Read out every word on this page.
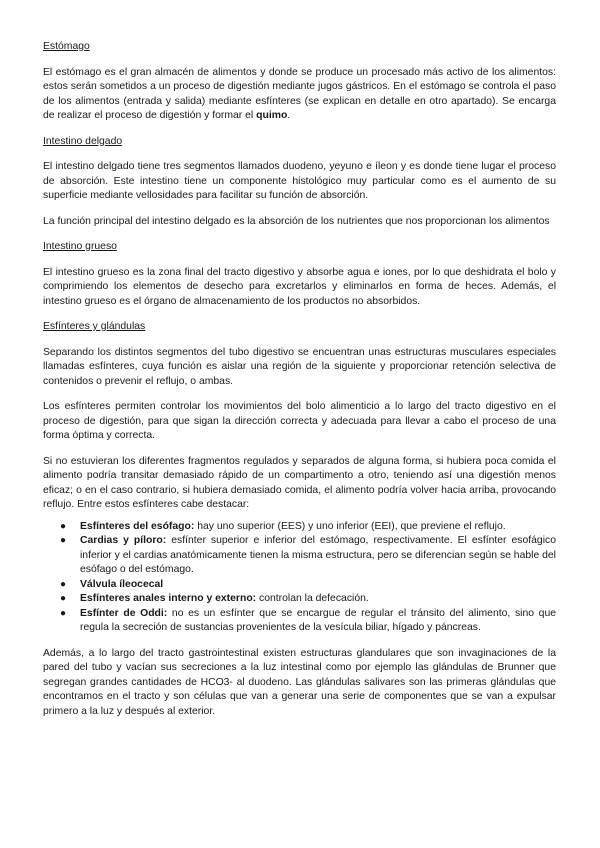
Estómago

El estómago es el gran almacén de alimentos y donde se produce un procesado más activo de los alimentos: estos serán sometidos a un proceso de digestión mediante jugos gástricos. En el estómago se controla el paso de los alimentos (entrada y salida) mediante esfínteres (se explican en detalle en otro apartado). Se encarga de realizar el proceso de digestión y formar el quimo.

Intestino delgado

El intestino delgado tiene tres segmentos llamados duodeno, yeyuno e íleon y es donde tiene lugar el proceso de absorción. Este intestino tiene un componente histológico muy particular como es el aumento de su superficie mediante vellosidades para facilitar su función de absorción.

La función principal del intestino delgado es la absorción de los nutrientes que nos proporcionan los alimentos

Intestino grueso

El intestino grueso es la zona final del tracto digestivo y absorbe agua e iones, por lo que deshidrata el bolo y comprimiendo los elementos de desecho para excretarlos y eliminarlos en forma de heces. Además, el intestino grueso es el órgano de almacenamiento de los productos no absorbidos.

Esfínteres y glándulas

Separando los distintos segmentos del tubo digestivo se encuentran unas estructuras musculares especiales llamadas esfínteres, cuya función es aislar una región de la siguiente y proporcionar retención selectiva de contenidos o prevenir el reflujo, o ambas.

Los esfínteres permiten controlar los movimientos del bolo alimenticio a lo largo del tracto digestivo en el proceso de digestión, para que sigan la dirección correcta y adecuada para llevar a cabo el proceso de una forma óptima y correcta.

Si no estuvieran los diferentes fragmentos regulados y separados de alguna forma, si hubiera poca comida el alimento podría transitar demasiado rápido de un compartimento a otro, teniendo así una digestión menos eficaz; o en el caso contrario, si hubiera demasiado comida, el alimento podría volver hacia arriba, provocando reflujo. Entre estos esfínteres cabe destacar:

● Esfínteres del esófago: hay uno superior (EES) y uno inferior (EEI), que previene el reflujo.
● Cardias y píloro: esfínter superior e inferior del estómago, respectivamente. El esfínter esofágico inferior y el cardias anatómicamente tienen la misma estructura, pero se diferencian según se hable del esófago o del estómago.
● Válvula íleocecal
● Esfínteres anales interno y externo: controlan la defecación.
● Esfínter de Oddi: no es un esfínter que se encargue de regular el tránsito del alimento, sino que regula la secreción de sustancias provenientes de la vesícula biliar, hígado y páncreas.

Además, a lo largo del tracto gastrointestinal existen estructuras glandulares que son invaginaciones de la pared del tubo y vacían sus secreciones a la luz intestinal como por ejemplo las glándulas de Brunner que segregan grandes cantidades de HCO3- al duodeno. Las glándulas salivares son las primeras glándulas que encontramos en el tracto y son células que van a generar una serie de componentes que se van a expulsar primero a la luz y después al exterior.
